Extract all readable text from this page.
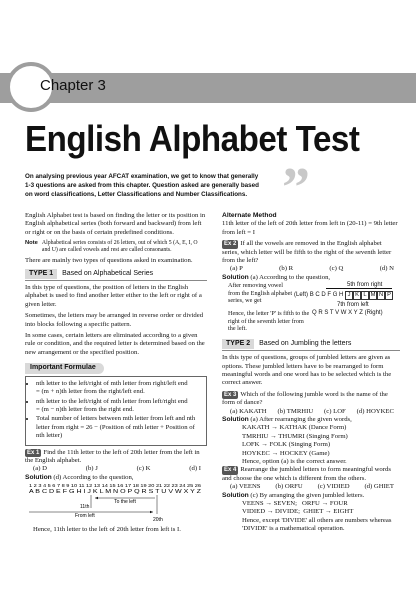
Chapter 3
English Alphabet Test
On analysing previous year AFCAT examination, we get to know that generally 1-3 questions are asked from this chapter. Question asked are generally based on word classifications, Letter Classifications and Number Classifications. ”

English Alphabet test is based on finding the letter or its position in English alphabetical series (both forward and backward) from left or right or on the basis of certain predefined conditions.

Note Alphabetical series consists of 26 letters, out of which 5 (A, E, I, O and U) are called vowels and rest are called consonants.

There are mainly two types of questions asked in examination.

TYPE 1	Based on Alphabetical Series

In this type of questions, the position of letters in the English alphabet is used to find another letter either to the left or right of a given letter.

Sometimes, the letters may be arranged in reverse order or divided into blocks following a specific pattern.

In some cases, certain letters are eliminated according to a given rule or condition, and the required letter is determined based on the new arrangement or the specified position.

Important Formulae
• nth letter to the left/right of mth letter from right/left end
= (m + n)th letter from the right/left end.
• nth letter to the left/right of mth letter from left/right end
= (m − n)th letter from the right end.
• Total number of letters between mth letter from left and nth letter from right = 26 − (Position of mth letter + Position of nth letter)
Ex 1 Find the 11th letter to the left of 20th letter from the left in the English alphabet.
(a) D	(b) J	(c) K	(d) I
Solution (d) According to the question,
1 2 3 4 5 6 7 8 9 10 11 12 13 14 15 16 17 18 19 20 21 22 23 24 25 26
A B C D E F G H I J K L M N O P Q R S T U V W X Y Z
To the left
11th
From left
20th
Hence, 11th letter to the left of 20th letter from left is I.
Alternate Method

11th letter of the left of 20th letter from left in (20-11) = 9th letter from left = I

Ex 2 If all the vowels are removed in the English alphabet series, which letter will be fifth to the right of the seventh letter from the left?
(a) P	(b) R	(c) Q	(d) N
Solution (a) According to the question,
After removing vowel from the English alphabet series, we get
5th from right
(Left) B C D F G H J K L M N P
7th from left
Q R S T V W X Y Z (Right)
Hence, the letter 'P' is fifth to the right of the seventh letter from the left.
TYPE 2	Based on Jumbling the letters

In this type of questions, groups of jumbled letters are given as options. These jumbled letters have to be rearranged to form meaningful words and one word has to be selected which is the correct answer.

Ex 3 Which of the following jumble word is the name of the form of dance?
(a) KAKATH (b) TMRHIU (c) LOF (d) HOYKEC
Solution (a) After rearranging the given words,
KAKATH → KATHAK (Dance Form)
TMRHIU → THUMRI (Singing Form)
LOFK → FOLK (Singing Form)
HOYKEC → HOCKEY (Game)
Hence, option (a) is the correct answer.
Ex 4 Rearrange the jumbled letters to form meaningful words and choose the one which is different from the others.
(a) VEENS (b) ORFU (c) VIDIED (d) GHIET
Solution (c) By arranging the given jumbled letters.
VEENS → SEVEN;   ORFU → FOUR
VIDIED → DIVIDE;  GHIET → EIGHT
Hence, except 'DIVIDE' all others are numbers whereas 'DIVIDE' is a mathematical operation.
